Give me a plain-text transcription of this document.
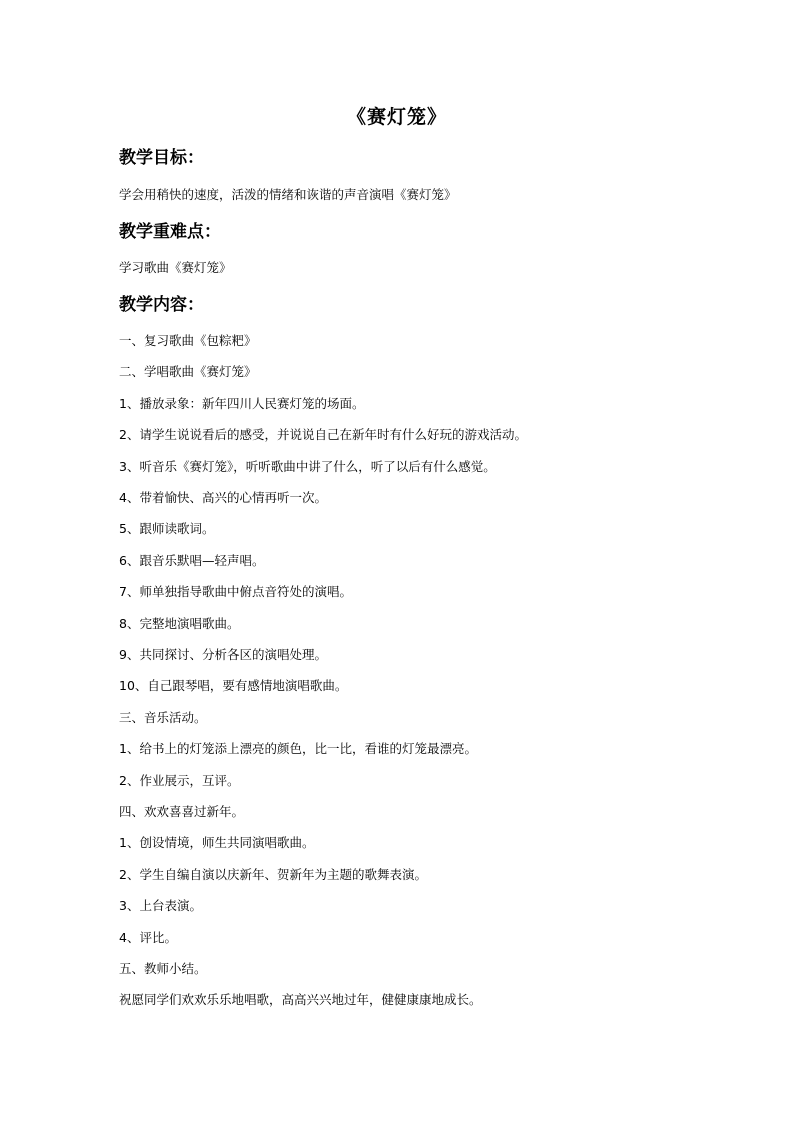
《赛灯笼》
教学目标：
学会用稍快的速度，活泼的情绪和诙谐的声音演唱《赛灯笼》
教学重难点：
学习歌曲《赛灯笼》
教学内容：
一、复习歌曲《包粽粑》
二、学唱歌曲《赛灯笼》
1、播放录象：新年四川人民赛灯笼的场面。
2、请学生说说看后的感受，并说说自己在新年时有什么好玩的游戏活动。
3、听音乐《赛灯笼》，听听歌曲中讲了什么，听了以后有什么感觉。
4、带着愉快、高兴的心情再听一次。
5、跟师读歌词。
6、跟音乐默唱—轻声唱。
7、师单独指导歌曲中俯点音符处的演唱。
8、完整地演唱歌曲。
9、共同探讨、分析各区的演唱处理。
10、自己跟琴唱，要有感情地演唱歌曲。
三、音乐活动。
1、给书上的灯笼添上漂亮的颜色，比一比，看谁的灯笼最漂亮。
2、作业展示，互评。
四、欢欢喜喜过新年。
1、创设情境，师生共同演唱歌曲。
2、学生自编自演以庆新年、贺新年为主题的歌舞表演。
3、上台表演。
4、评比。
五、教师小结。
祝愿同学们欢欢乐乐地唱歌，高高兴兴地过年，健健康康地成长。
